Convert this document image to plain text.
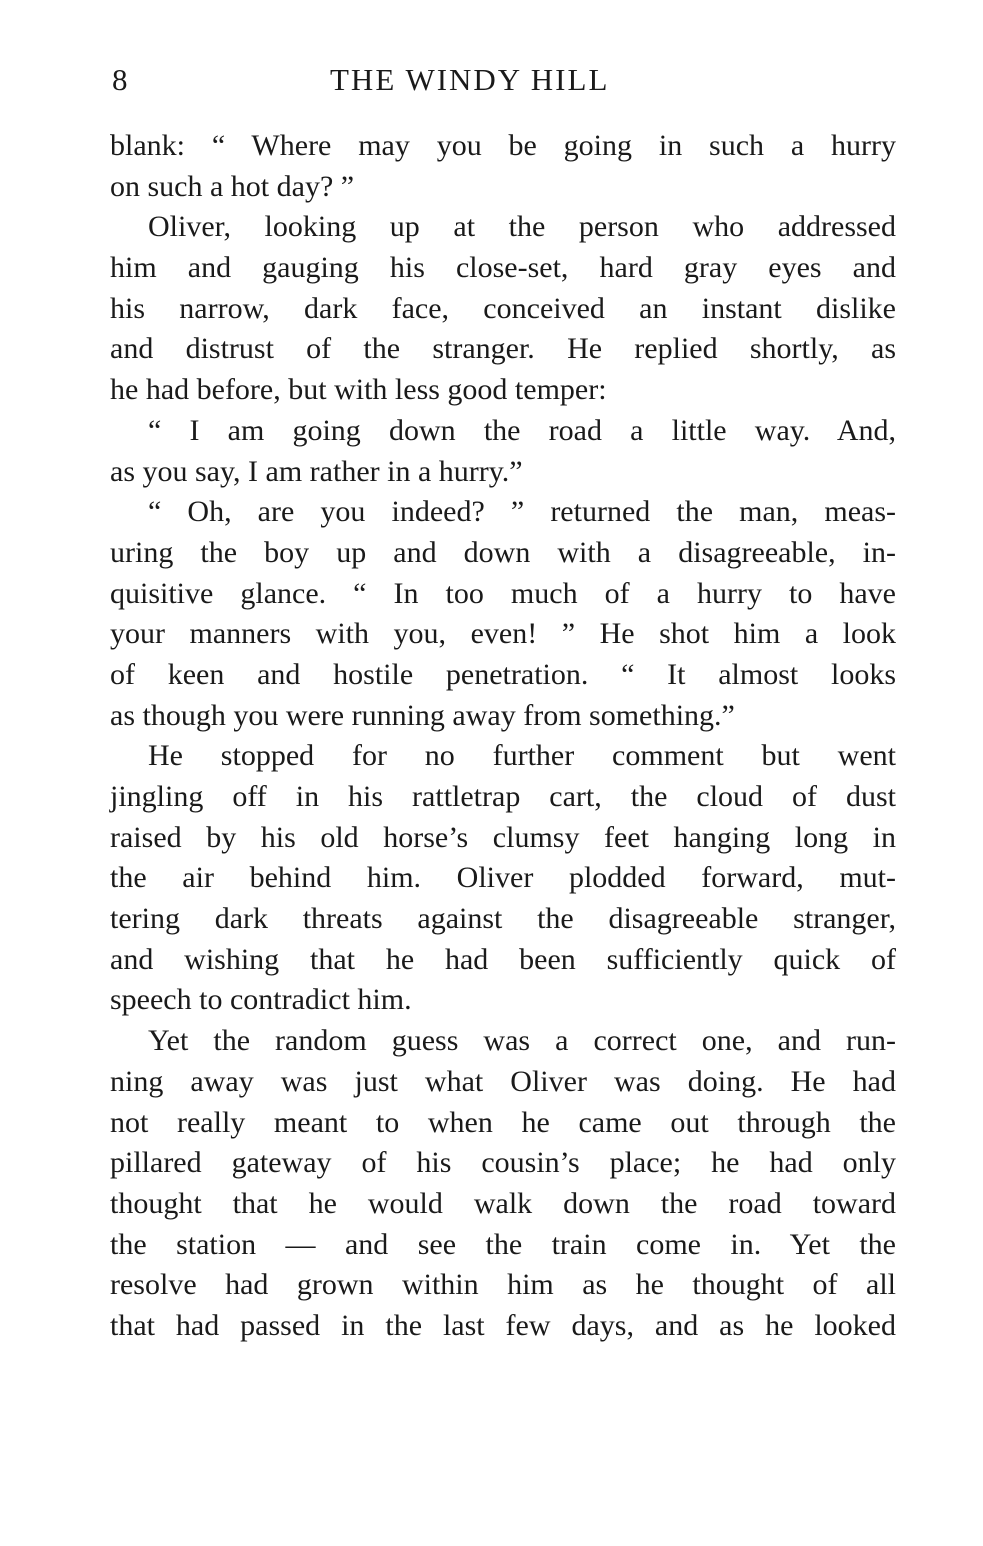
8	THE WINDY HILL
blank: “ Where may you be going in such a hurry
on such a hot day? ”
Oliver, looking up at the person who addressed
him and gauging his close-set, hard gray eyes and
his narrow, dark face, conceived an instant dislike
and distrust of the stranger. He replied shortly, as
he had before, but with less good temper:
“ I am going down the road a little way. And,
as you say, I am rather in a hurry.”
“ Oh, are you indeed? ” returned the man, meas-
uring the boy up and down with a disagreeable, in-
quisitive glance. “ In too much of a hurry to have
your manners with you, even! ” He shot him a look
of keen and hostile penetration. “ It almost looks
as though you were running away from something.”
He stopped for no further comment but went
jingling off in his rattletrap cart, the cloud of dust
raised by his old horse’s clumsy feet hanging long in
the air behind him. Oliver plodded forward, mut-
tering dark threats against the disagreeable stranger,
and wishing that he had been sufficiently quick of
speech to contradict him.
Yet the random guess was a correct one, and run-
ning away was just what Oliver was doing. He had
not really meant to when he came out through the
pillared gateway of his cousin’s place; he had only
thought that he would walk down the road toward
the station — and see the train come in. Yet the
resolve had grown within him as he thought of all
that had passed in the last few days, and as he looked
